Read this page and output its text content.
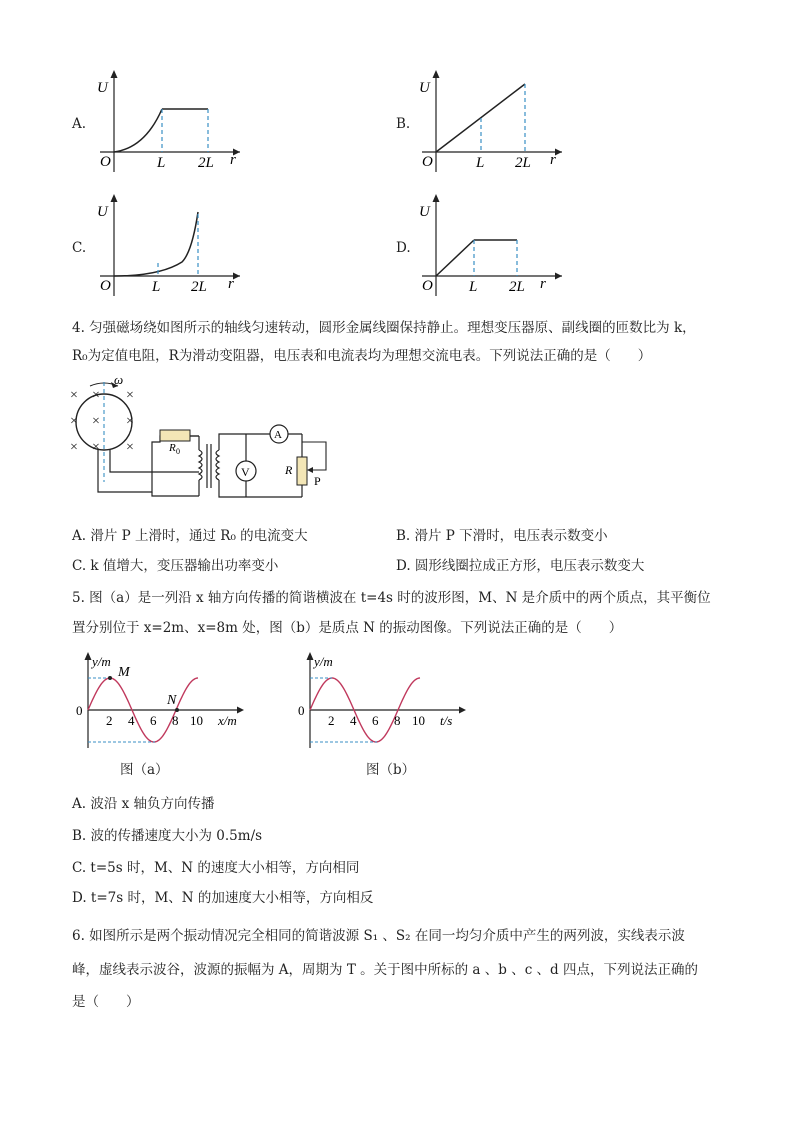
A.
U
O	L 2L r
B.
U
O	L 2L r
C.
U
O	L 2L r
D.
U
O L 2L r
4. 匀强磁场绕如图所示的轴线匀速转动，圆形金属线圈保持静止。理想变压器原、副线圈的匝数比为 k，
R₀为定值电阻，R为滑动变阻器，电压表和电流表均为理想交流电表。下列说法正确的是（　　）
× × ×
× × ×
× × ×
ω
R 0
V
A
R
P
A. 滑片 P 上滑时，通过 R₀ 的电流变大	B. 滑片 P 下滑时，电压表示数变小
C. k 值增大，变压器输出功率变小	D. 圆形线圈拉成正方形，电压表示数变大
5. 图（a）是一列沿 x 轴方向传播的简谐横波在 t=4s 时的波形图，M、N 是介质中的两个质点，其平衡位
置分别位于 x=2m、x=8m 处，图（b）是质点 N 的振动图像。下列说法正确的是（　　）
y/m
M
N
0
2 4 6 8 10 x/m
图（a）
y/m
0
2 4 6 8 10 t/s
图（b）
A. 波沿 x 轴负方向传播
B. 波的传播速度大小为 0.5m/s
C. t=5s 时，M、N 的速度大小相等，方向相同
D. t=7s 时，M、N 的加速度大小相等，方向相反
6. 如图所示是两个振动情况完全相同的简谐波源 S₁ 、S₂ 在同一均匀介质中产生的两列波，实线表示波
峰，虚线表示波谷，波源的振幅为 A，周期为 T 。关于图中所标的 a 、b 、c 、d 四点，下列说法正确的
是（　　）
